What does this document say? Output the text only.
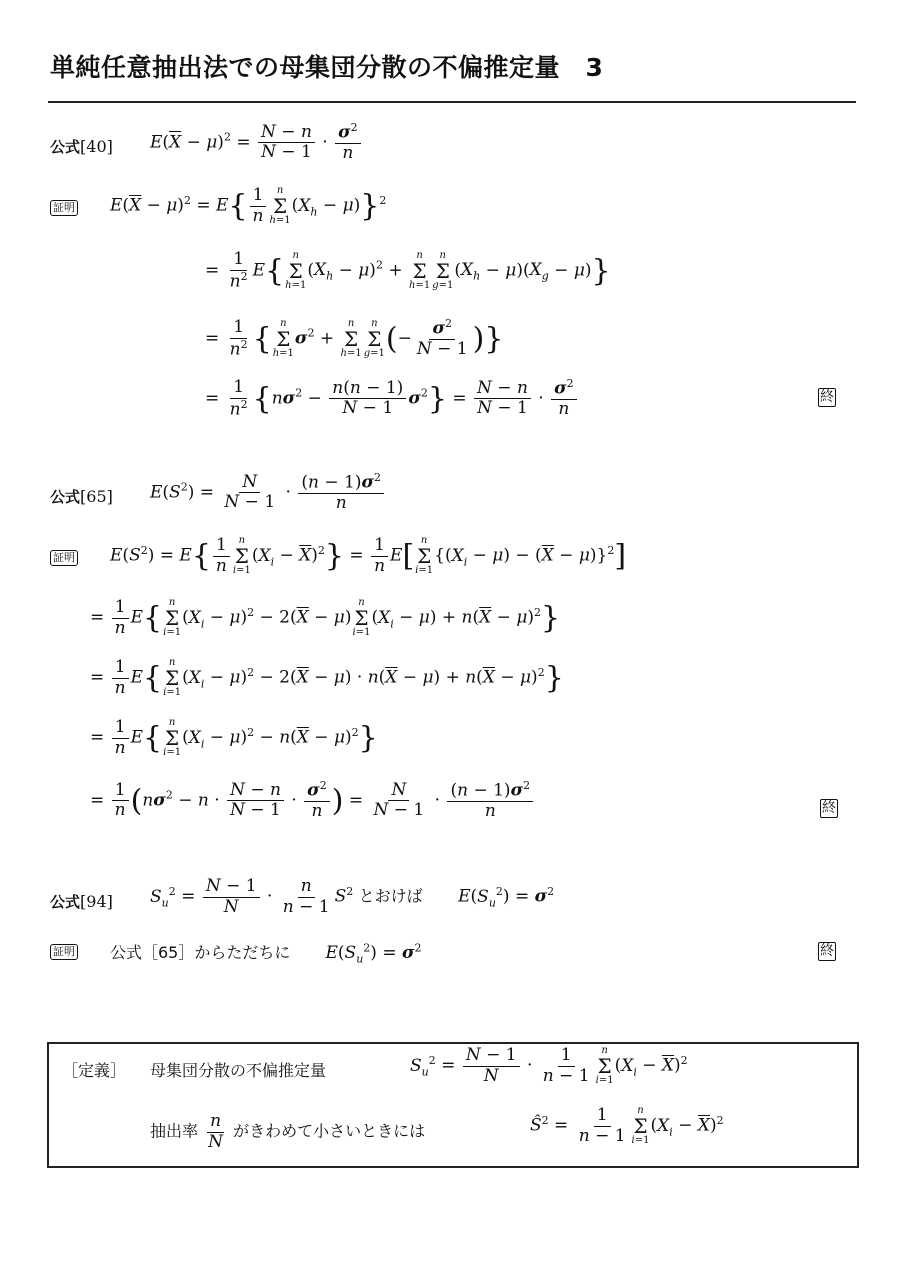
単純任意抽出法での母集団分散の不偏推定量　3
公式[40] $E(\overline{X} - \mu)^2 = \frac{N - n}{N - 1} \cdot \frac{\sigma^2}{n}$
証明 $E(\overline{X} - \mu)^2 = E\{ \frac{1}{n}$ n
Σ
h=1
$(X_h - \mu)\}^2$
= $\frac{1}{n^2} E${ n
Σ
h=1
$(X_h - \mu)^2$ +
n
Σ
h=1
n
Σ
g=1
$(X_h - \mu)(X_g - \mu)$}
= $\frac{1}{n^2}$ { n
Σ
h=1
$\sigma^2$ +
n
Σ
h=1
n
Σ
g=1 (− $\frac{\sigma^2}{N - 1}$ )}
= $\frac{1}{n^2} \{n\sigma^2 - \frac{n(n - 1)}{N - 1} \sigma^2\} = \frac{N - n}{N - 1} \cdot \frac{\sigma^2}{n}$	終
公式[65] $E(S^2) = \frac{N}{N - 1} \cdot \frac{(n - 1)\sigma^2}{n}$
証明 $E(S^2) = E\{ \frac{1}{n}$ n
Σ
i=1
$(X_i - \overline{X})^2\} = \frac{1}{n} E$[ n
Σ
i=1
$\{(X_i - \mu) - (\overline{X} - \mu)\}^2$]
= $\frac{1}{n} E${ n
Σ
i=1
$(X_i - \mu)^2 - 2(\overline{X} - \mu)$
n
Σ
i=1
$(X_i - \mu) + n(\overline{X} - \mu)^2$}
= $\frac{1}{n} E${ n
Σ
i=1
$(X_i - \mu)^2 - 2(\overline{X} - \mu) \cdot n(\overline{X} - \mu) + n(\overline{X} - \mu)^2$}
= $\frac{1}{n} E${ n
Σ
i=1
$(X_i - \mu)^2 - n(\overline{X} - \mu)^2$}
= $\frac{1}{n} (n\sigma^2 - n \cdot \frac{N - n}{N - 1} \cdot \frac{\sigma^2}{n}$ ) = $\frac{N}{N - 1} \cdot \frac{(n - 1)\sigma^2}{n}$	終
公式[94] $S_u^2 = \frac{N - 1}{N} \cdot \frac{n}{n - 1} S^2$ とおけば $E(S_u^2) = \sigma^2$
証明 公式［65］からただちに $E(S_u^2) = \sigma^2$	終
［定義］ 母集団分散の不偏推定量	$S_u^2 = \frac{N - 1}{N} \cdot \frac{1}{n - 1}$ n
Σ
i=1
$(X_i - \overline{X})^2$
抽出率 $\frac{n}{N}$ がきわめて小さいときには	$Ŝ^2 = \frac{1}{n - 1}$ n
Σ
i=1
$(X_i - \overline{X})^2$
